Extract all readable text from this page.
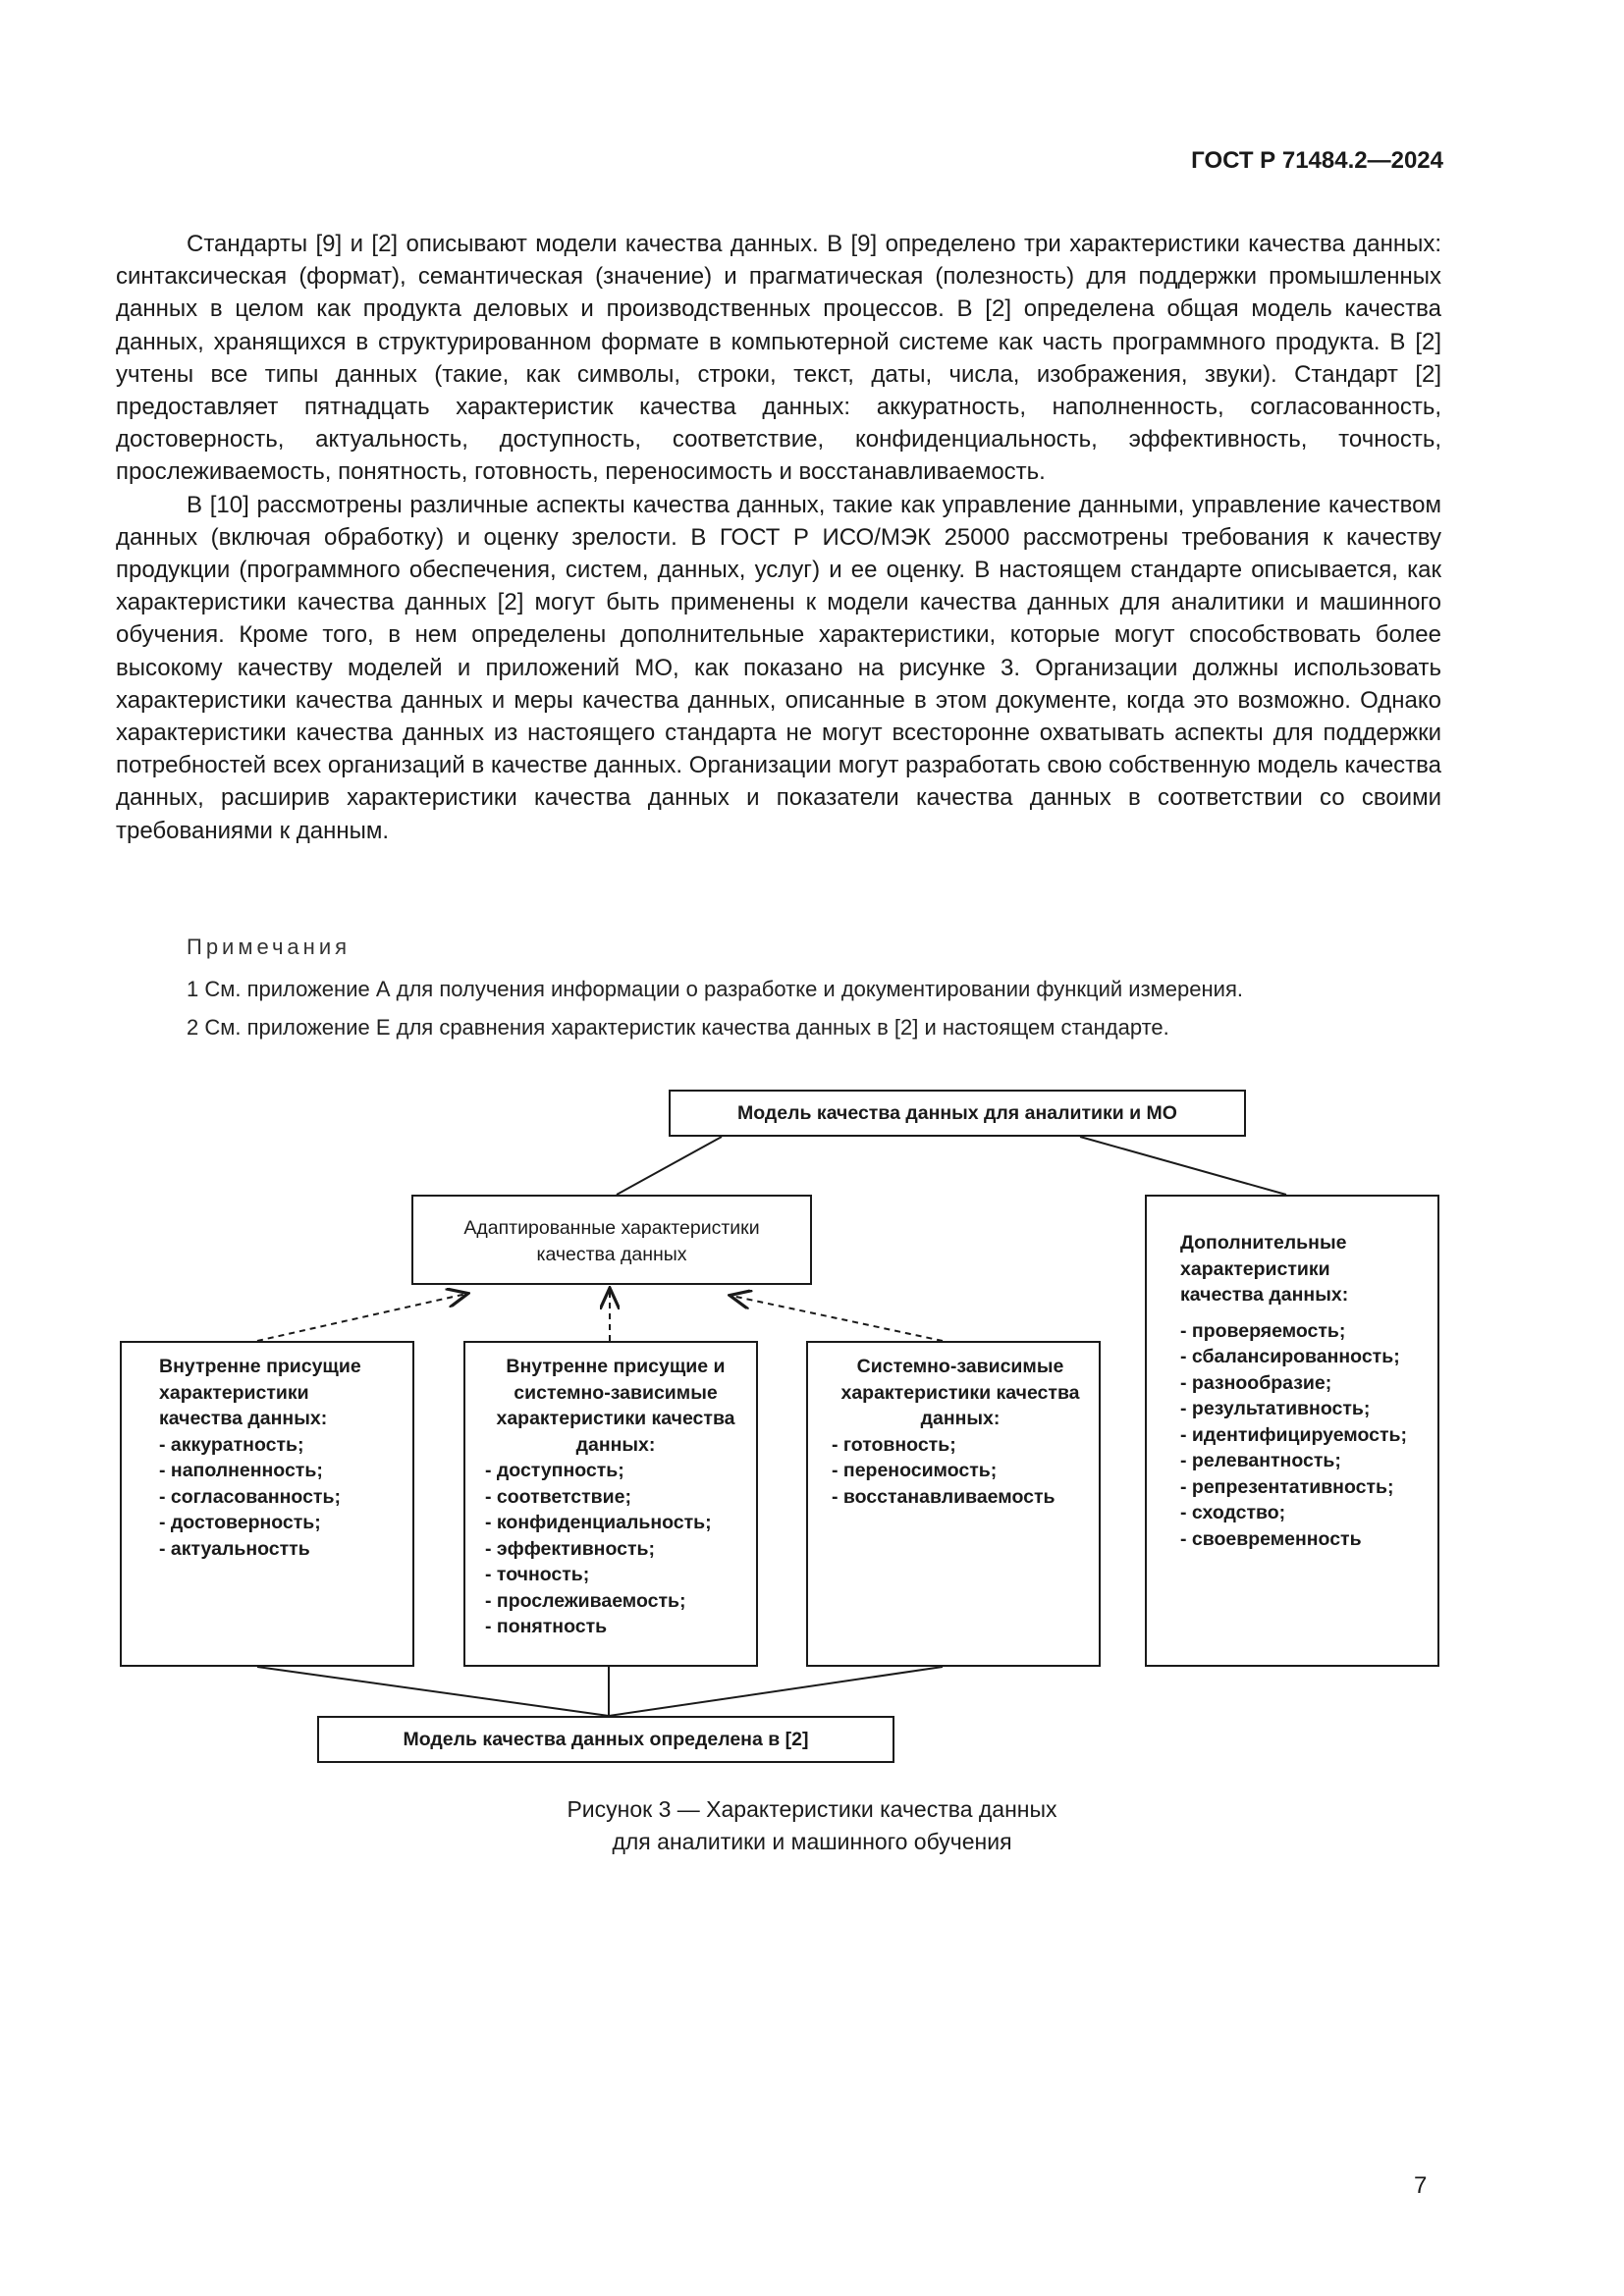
ГОСТ Р 71484.2—2024

Стандарты [9] и [2] описывают модели качества данных. В [9] определено три характеристики качества данных: синтаксическая (формат), семантическая (значение) и прагматическая (полезность) для поддержки промышленных данных в целом как продукта деловых и производственных процессов. В [2] определена общая модель качества данных, хранящихся в структурированном формате в компьютерной системе как часть программного продукта. В [2] учтены все типы данных (такие, как символы, строки, текст, даты, числа, изображения, звуки). Стандарт [2] предоставляет пятнадцать характеристик качества данных: аккуратность, наполненность, согласованность, достоверность, актуальность, доступность, соответствие, конфиденциальность, эффективность, точность, прослеживаемость, понятность, готовность, переносимость и восстанавливаемость.

В [10] рассмотрены различные аспекты качества данных, такие как управление данными, управление качеством данных (включая обработку) и оценку зрелости. В ГОСТ Р ИСО/МЭК 25000 рассмотрены требования к качеству продукции (программного обеспечения, систем, данных, услуг) и ее оценку. В настоящем стандарте описывается, как характеристики качества данных [2] могут быть применены к модели качества данных для аналитики и машинного обучения. Кроме того, в нем определены дополнительные характеристики, которые могут способствовать более высокому качеству моделей и приложений МО, как показано на рисунке 3. Организации должны использовать характеристики качества данных и меры качества данных, описанные в этом документе, когда это возможно. Однако характеристики качества данных из настоящего стандарта не могут всесторонне охватывать аспекты для поддержки потребностей всех организаций в качестве данных. Организации могут разработать свою собственную модель качества данных, расширив характеристики качества данных и показатели качества данных в соответствии со своими требованиями к данным.

Примечания
1 См. приложение А для получения информации о разработке и документировании функций измерения.
2 См. приложение Е для сравнения характеристик качества данных в [2] и настоящем стандарте.
Модель качества данных для аналитики и МО
Адаптированные характеристики качества данных
Дополнительные характеристики качества данных:
- проверяемость;
- сбалансированность;
- разнообразие;
- результативность;
- идентифицируемость;
- релевантность;
- репрезентативность;
- сходство;
- своевременность
Внутренне присущие характеристики качества данных:
- аккуратность;
- наполненность;
- согласованность;
- достоверность;
- актуальностть
Внутренне присущие и системно-зависимые характеристики качества данных:
- доступность;
- соответствие;
- конфиденциальность;
- эффективность;
- точность;
- прослеживаемость;
- понятность
Системно-зависимые характеристики качества данных:
- готовность;
- переносимость;
- восстанавливаемость
Модель качества данных определена в [2]
Рисунок 3 — Характеристики качества данных
для аналитики и машинного обучения
7
